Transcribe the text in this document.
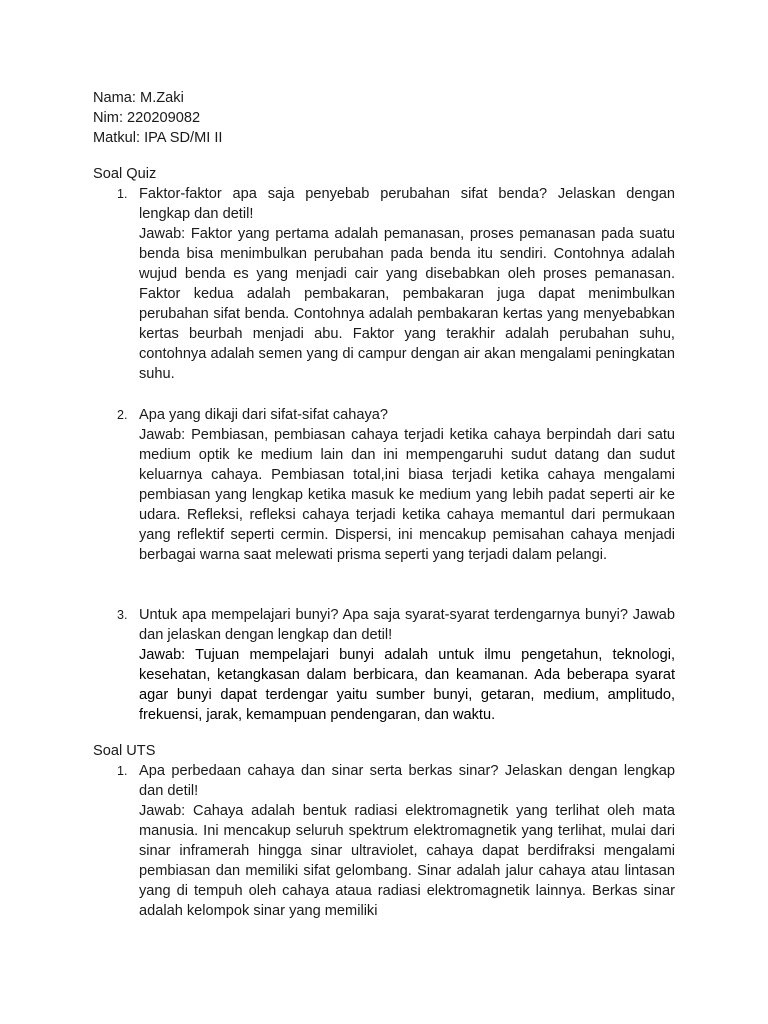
Nama: M.Zaki
Nim: 220209082
Matkul: IPA SD/MI II
Soal Quiz
1. Faktor-faktor apa saja penyebab perubahan sifat benda? Jelaskan dengan lengkap dan detil!

Jawab: Faktor yang pertama adalah pemanasan, proses pemanasan pada suatu benda bisa menimbulkan perubahan pada benda itu sendiri. Contohnya adalah wujud benda es yang menjadi cair yang disebabkan oleh proses pemanasan. Faktor kedua adalah pembakaran, pembakaran juga dapat menimbulkan perubahan sifat benda. Contohnya adalah pembakaran kertas yang menyebabkan kertas beurbah menjadi abu. Faktor yang terakhir adalah perubahan suhu, contohnya adalah semen yang di campur dengan air akan mengalami peningkatan suhu.

2. Apa yang dikaji dari sifat-sifat cahaya?

Jawab: Pembiasan, pembiasan cahaya terjadi ketika cahaya berpindah dari satu medium optik ke medium lain dan ini mempengaruhi sudut datang dan sudut keluarnya cahaya. Pembiasan total,ini biasa terjadi ketika cahaya mengalami pembiasan yang lengkap ketika masuk ke medium yang lebih padat seperti air ke udara. Refleksi, refleksi cahaya terjadi ketika cahaya memantul dari permukaan yang reflektif seperti cermin. Dispersi, ini mencakup pemisahan cahaya menjadi berbagai warna saat melewati prisma seperti yang terjadi dalam pelangi.

3. Untuk apa mempelajari bunyi? Apa saja syarat-syarat terdengarnya bunyi? Jawab dan jelaskan dengan lengkap dan detil!

Jawab: Tujuan mempelajari bunyi adalah untuk ilmu pengetahun, teknologi, kesehatan, ketangkasan dalam berbicara, dan keamanan. Ada beberapa syarat agar bunyi dapat terdengar yaitu sumber bunyi, getaran, medium, amplitudo, frekuensi, jarak, kemampuan pendengaran, dan waktu.

Soal UTS
1. Apa perbedaan cahaya dan sinar serta berkas sinar? Jelaskan dengan lengkap dan detil!

Jawab: Cahaya adalah bentuk radiasi elektromagnetik yang terlihat oleh mata manusia. Ini mencakup seluruh spektrum elektromagnetik yang terlihat, mulai dari sinar inframerah hingga sinar ultraviolet, cahaya dapat berdifraksi mengalami pembiasan dan memiliki sifat gelombang. Sinar adalah jalur cahaya atau lintasan yang di tempuh oleh cahaya ataua radiasi elektromagnetik lainnya. Berkas sinar adalah kelompok sinar yang memiliki
